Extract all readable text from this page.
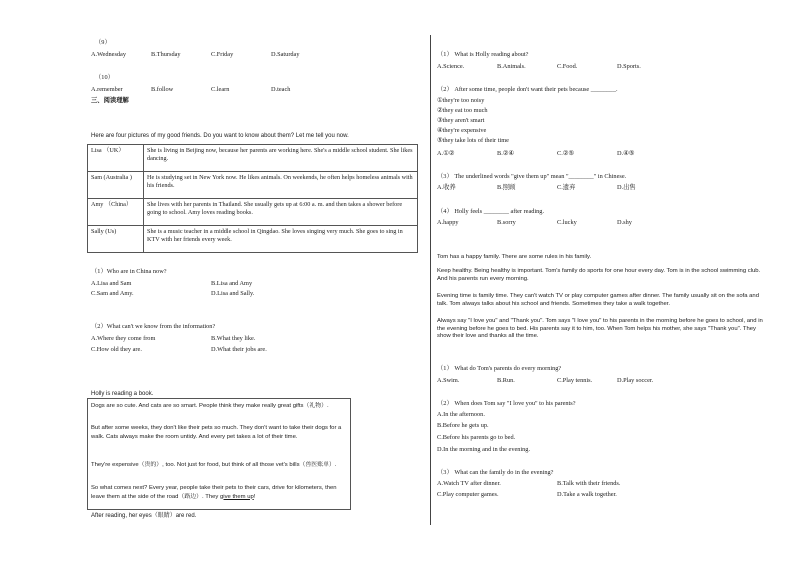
（9）
A.Wednesday	B.Thursday	C.Friday	D.Saturday
（10）
A.remember	B.follow	C.learn	D.teach
三、阅读理解
Here are four pictures of my good friends. Do you want to know about them? Let me tell you now.
Lisa （UK）	She is living in Beijing now, because her parents are working here. She's a middle school student. She likes dancing.
Sam (Australia )	He is studying set in New York now. He likes animals. On weekends, he often helps homeless animals with his friends.
Amy （China）	She lives with her parents in Thailand. She usually gets up at 6:00 a. m. and then takes a shower before going to school. Amy loves reading books.
Sally (Us)	She is a music teacher in a middle school in Qingdao. She loves singing very much. She goes to sing in KTV with her friends every week.
（1）Who are in China now?
A.Lisa and Sam	B.Lisa and Amy
C.Sam and Amy.	D.Lisa and Sally.
（2）What can't we know from the information?
A.Where they come from	B.What they like.
C.How old they are.	D.What their jobs are.
Holly is reading a book.

Dogs are so cute. And cats are so smart. People think they make really great gifts（礼物）.

But after some weeks, they don't like their pets so much. They don't want to take their dogs for a walk. Cats always make the room untidy. And every pet takes a lot of their time.

They're expensive（贵的）, too. Not just for food, but think of all those vet's bills（兽医账单）.

So what comes next? Every year, people take their pets to their cars, drive for kilometers, then leave them at the side of the road（路边）. They give them up!

After reading, her eyes（眼睛）are red.
（1） What is Holly reading about?
A.Science.	B.Animals.	C.Food.	D.Sports.
（2） After some time, people don't want their pets because ________.
①they're too noisy
②they eat too much
③they aren't smart
④they're expensive
⑤they take lots of their time
A.①②	B.②④	C.②⑤	D.④⑤
（3） The underlined words "give them up" mean "________" in Chinese.
A.收养	B.照顾	C.遗弃	D.出售
（4） Holly feels ________ after reading.
A.happy	B.sorry	C.lucky	D.shy
Tom has a happy family. There are some rules in his family.
Keep healthy. Being healthy is important. Tom's family do sports for one hour every day. Tom is in the school swimming club. And his parents run every morning.
Evening time is family time. They can't watch TV or play computer games after dinner. The family usually sit on the sofa and talk. Tom always talks about his school and friends. Sometimes they take a walk together.
Always say "I love you" and "Thank you". Tom says "I love you" to his parents in the morning before he goes to school, and in the evening before he goes to bed. His parents say it to him, too. When Tom helps his mother, she says "Thank you". They show their love and thanks all the time.
（1） What do Tom's parents do every morning?
A.Swim.	B.Run.	C.Play tennis.	D.Play soccer.
（2） When does Tom say "I love you" to his parents?
A.In the afternoon.
B.Before he gets up.
C.Before his parents go to bed.
D.In the morning and in the evening.
（3） What can the family do in the evening?
A.Watch TV after dinner.	B.Talk with their friends.
C.Play computer games.	D.Take a walk together.
